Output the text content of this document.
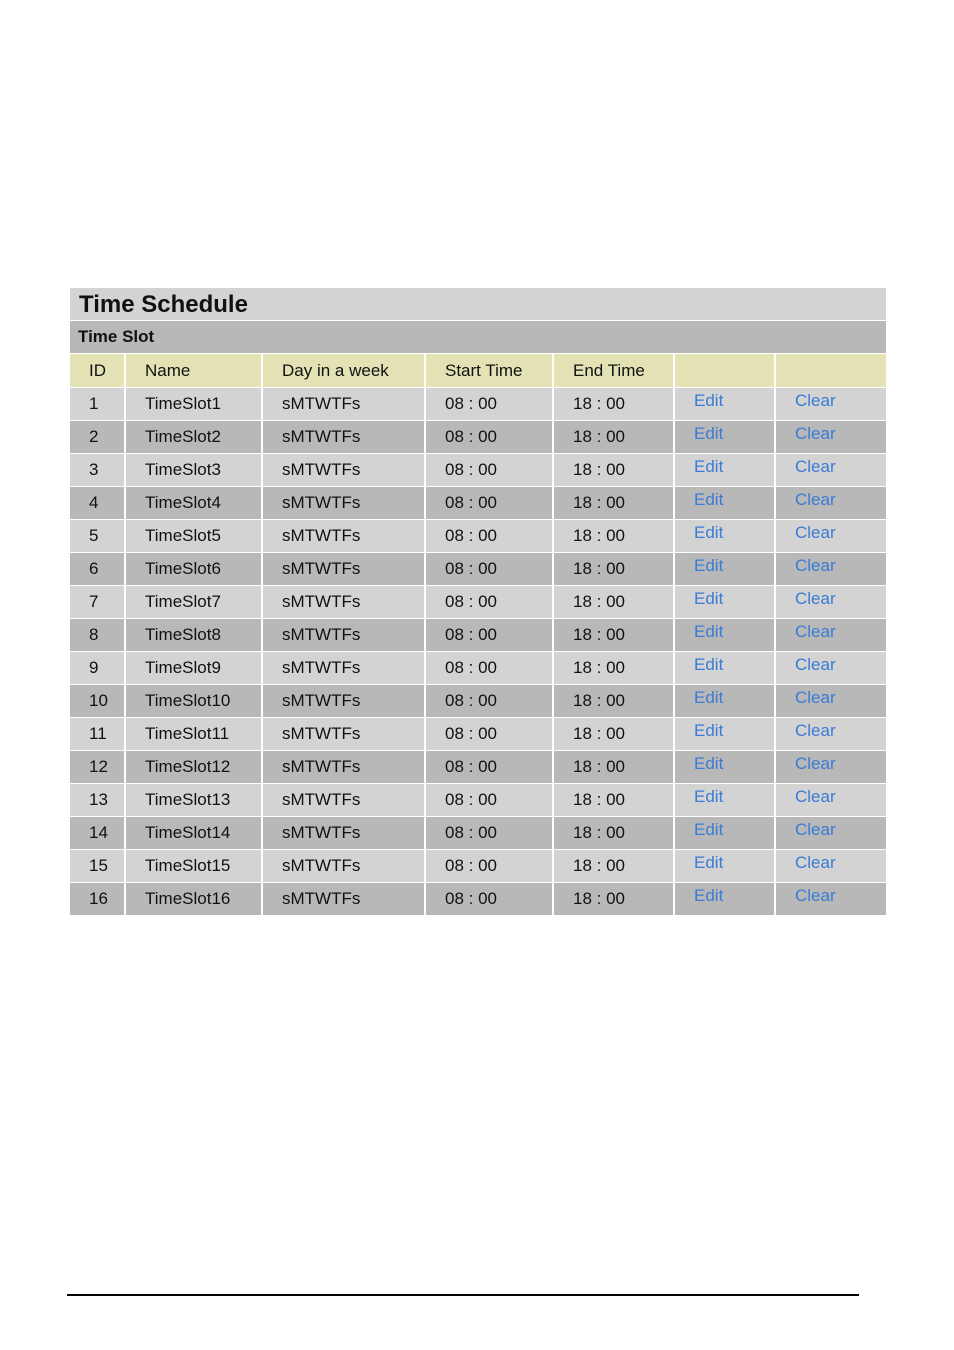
Time Schedule
Time Slot
ID	Name	Day in a week	Start Time	End Time		
1	TimeSlot1	sMTWTFs	08 : 00	18 : 00	Edit	Clear
2	TimeSlot2	sMTWTFs	08 : 00	18 : 00	Edit	Clear
3	TimeSlot3	sMTWTFs	08 : 00	18 : 00	Edit	Clear
4	TimeSlot4	sMTWTFs	08 : 00	18 : 00	Edit	Clear
5	TimeSlot5	sMTWTFs	08 : 00	18 : 00	Edit	Clear
6	TimeSlot6	sMTWTFs	08 : 00	18 : 00	Edit	Clear
7	TimeSlot7	sMTWTFs	08 : 00	18 : 00	Edit	Clear
8	TimeSlot8	sMTWTFs	08 : 00	18 : 00	Edit	Clear
9	TimeSlot9	sMTWTFs	08 : 00	18 : 00	Edit	Clear
10	TimeSlot10	sMTWTFs	08 : 00	18 : 00	Edit	Clear
11	TimeSlot11	sMTWTFs	08 : 00	18 : 00	Edit	Clear
12	TimeSlot12	sMTWTFs	08 : 00	18 : 00	Edit	Clear
13	TimeSlot13	sMTWTFs	08 : 00	18 : 00	Edit	Clear
14	TimeSlot14	sMTWTFs	08 : 00	18 : 00	Edit	Clear
15	TimeSlot15	sMTWTFs	08 : 00	18 : 00	Edit	Clear
16	TimeSlot16	sMTWTFs	08 : 00	18 : 00	Edit	Clear
